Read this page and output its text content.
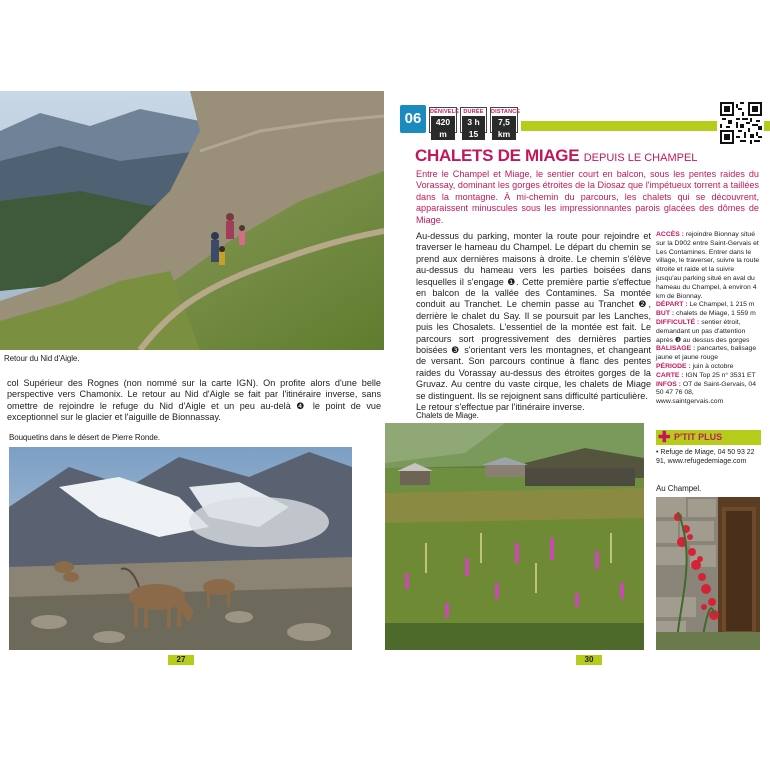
Retour du Nid d'Aigle.
col Supérieur des Rognes (non nommé sur la carte IGN). On profite alors d'une belle perspective vers Chamonix. Le retour au Nid d'Aigle se fait par l'itinéraire inverse, sans omettre de rejoindre le refuge du Nid d'Aigle et un peu au-delà ❹ le point de vue exceptionnel sur le glacier et l'aiguille de Bionnassay.
Bouquetins dans le désert de Pierre Ronde.
27
06	DÉNIVELÉ
420 m
DURÉE
3 h 15
DISTANCE
7,5 km
CHALETS DE MIAGE DEPUIS LE CHAMPEL
Entre le Champel et Miage, le sentier court en balcon, sous les pentes raides du Vorassay, dominant les gorges étroites de la Diosaz que l'impétueux torrent a taillées dans la montagne. À mi-chemin du parcours, les chalets qui se découvrent, apparaissent minuscules sous les impressionnantes parois glacées des dômes de Miage.
Au-dessus du parking, monter la route pour rejoindre et traverser le hameau du Champel. Le départ du chemin se prend aux dernières maisons à droite. Le chemin s'élève au-dessus du hameau vers les parties boisées dans lesquelles il s'engage ❶. Cette première partie s'effectue en balcon de la vallée des Contamines. Sa montée conduit au Tranchet. Le chemin passe au Tranchet ❷, derrière le chalet du Say. Il se poursuit par les Lanches, puis les Chosalets. L'essentiel de la montée est fait. Le parcours sort progressivement des dernières parties boisées ❸ s'orientant vers les montagnes, et changeant de versant. Son parcours continue à flanc des pentes raides du Vorassay au-dessus des étroites gorges de la Gruvaz. Au centre du vaste cirque, les chalets de Miage se distinguent. Ils se rejoignent sans difficulté particulière.
Le retour s'effectue par l'itinéraire inverse.

ACCÈS : rejoindre Bionnay situé sur la D902 entre Saint-Gervais et Les Contamines. Entrer dans le village, le traverser, suivre la route étroite et raide et la suivre jusqu'au parking situé en aval du hameau du Champel, à environ 4 km de Bionnay.

DÉPART : Le Champel, 1 215 m

BUT : chalets de Miage, 1 559 m

DIFFICULTÉ : sentier étroit, demandant un pas d'attention après ❸ au dessus des gorges

BALISAGE : pancartes, balisage jaune et jaune rouge

PÉRIODE : juin à octobre

CARTE : IGN Top 25 n° 3531 ET

INFOS : OT de Saint-Gervais, 04 50 47 76 08, www.saintgervais.com

✚ P'TIT PLUS
• Refuge de Miage, 04 50 93 22 91, www.refugedemiage.com
Chalets de Miage.
Au Champel.
30
